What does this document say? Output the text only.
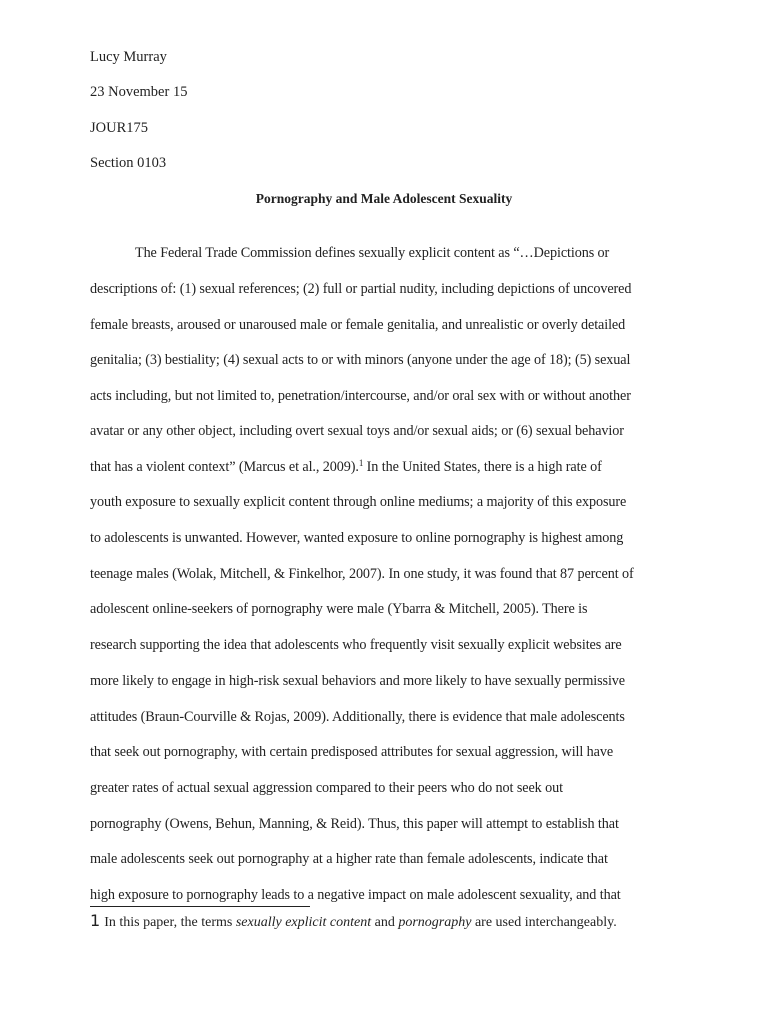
Lucy Murray
23 November 15
JOUR175
Section 0103
Pornography and Male Adolescent Sexuality
The Federal Trade Commission defines sexually explicit content as “…Depictions or
descriptions of: (1) sexual references; (2) full or partial nudity, including depictions of uncovered
female breasts, aroused or unaroused male or female genitalia, and unrealistic or overly detailed
genitalia; (3) bestiality; (4) sexual acts to or with minors (anyone under the age of 18); (5) sexual
acts including, but not limited to, penetration/intercourse, and/or oral sex with or without another
avatar or any other object, including overt sexual toys and/or sexual aids; or (6) sexual behavior
that has a violent context” (Marcus et al., 2009).$^1$ In the United States, there is a high rate of
youth exposure to sexually explicit content through online mediums; a majority of this exposure
to adolescents is unwanted. However, wanted exposure to online pornography is highest among
teenage males (Wolak, Mitchell, & Finkelhor, 2007). In one study, it was found that 87 percent of
adolescent online-seekers of pornography were male (Ybarra & Mitchell, 2005). There is
research supporting the idea that adolescents who frequently visit sexually explicit websites are
more likely to engage in high-risk sexual behaviors and more likely to have sexually permissive
attitudes (Braun-Courville & Rojas, 2009). Additionally, there is evidence that male adolescents
that seek out pornography, with certain predisposed attributes for sexual aggression, will have
greater rates of actual sexual aggression compared to their peers who do not seek out
pornography (Owens, Behun, Manning, & Reid). Thus, this paper will attempt to establish that
male adolescents seek out pornography at a higher rate than female adolescents, indicate that
high exposure to pornography leads to a negative impact on male adolescent sexuality, and that
1 In this paper, the terms sexually explicit content and pornography are used interchangeably.
